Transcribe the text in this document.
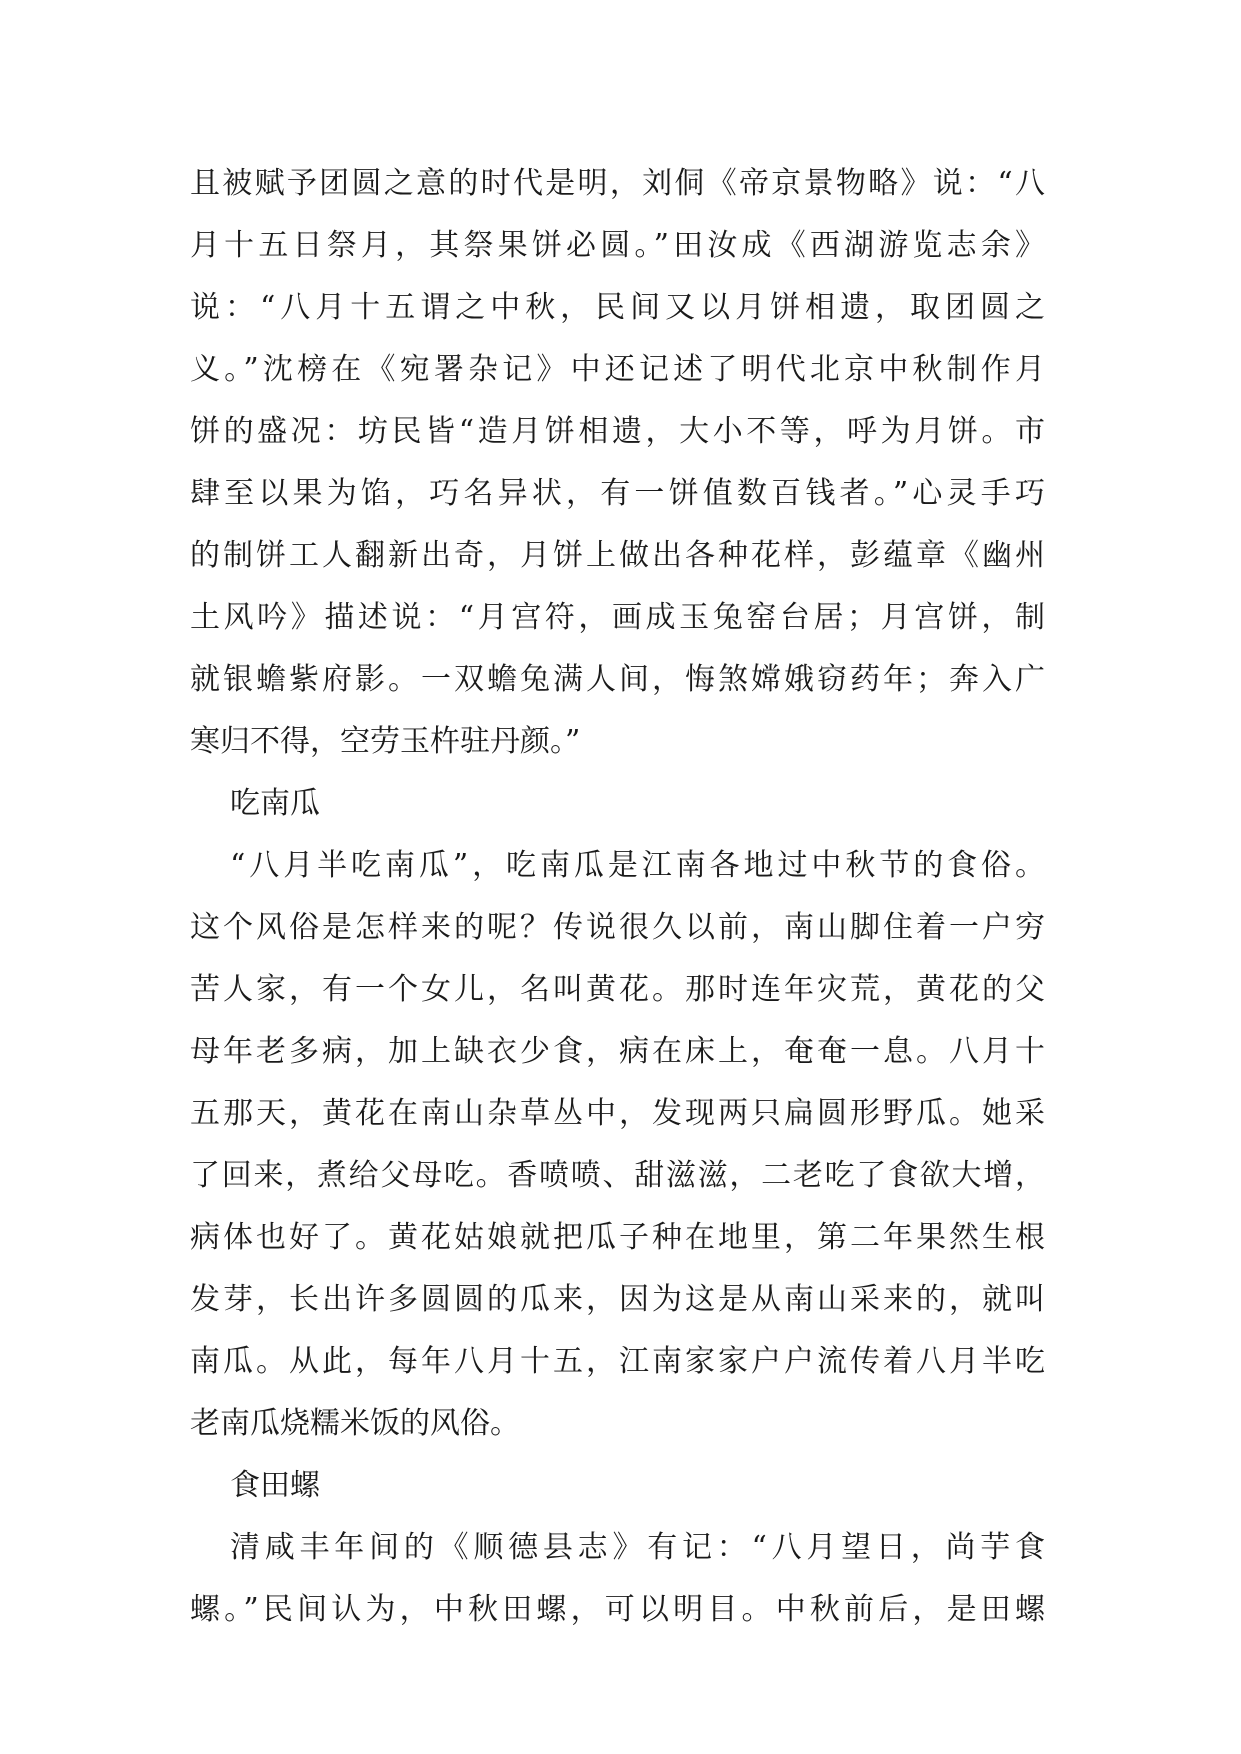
且被赋予团圆之意的时代是明，刘侗《帝京景物略》说：“八
月十五日祭月，其祭果饼必圆。”田汝成《西湖游览志余》
说：“八月十五谓之中秋，民间又以月饼相遗，取团圆之
义。”沈榜在《宛署杂记》中还记述了明代北京中秋制作月
饼的盛况：坊民皆“造月饼相遗，大小不等，呼为月饼。市
肆至以果为馅，巧名异状，有一饼值数百钱者。”心灵手巧
的制饼工人翻新出奇，月饼上做出各种花样，彭蕴章《幽州
土风吟》描述说：“月宫符，画成玉兔窑台居；月宫饼，制
就银蟾紫府影。一双蟾兔满人间，悔煞嫦娥窃药年；奔入广
寒归不得，空劳玉杵驻丹颜。”
吃南瓜
“八月半吃南瓜”，吃南瓜是江南各地过中秋节的食俗。
这个风俗是怎样来的呢？传说很久以前，南山脚住着一户穷
苦人家，有一个女儿，名叫黄花。那时连年灾荒，黄花的父
母年老多病，加上缺衣少食，病在床上，奄奄一息。八月十
五那天，黄花在南山杂草丛中，发现两只扁圆形野瓜。她采
了回来，煮给父母吃。香喷喷、甜滋滋，二老吃了食欲大增，
病体也好了。黄花姑娘就把瓜子种在地里，第二年果然生根
发芽，长出许多圆圆的瓜来，因为这是从南山采来的，就叫
南瓜。从此，每年八月十五，江南家家户户流传着八月半吃
老南瓜烧糯米饭的风俗。
食田螺
清咸丰年间的《顺德县志》有记：“八月望日，尚芋食
螺。”民间认为，中秋田螺，可以明目。中秋前后，是田螺
